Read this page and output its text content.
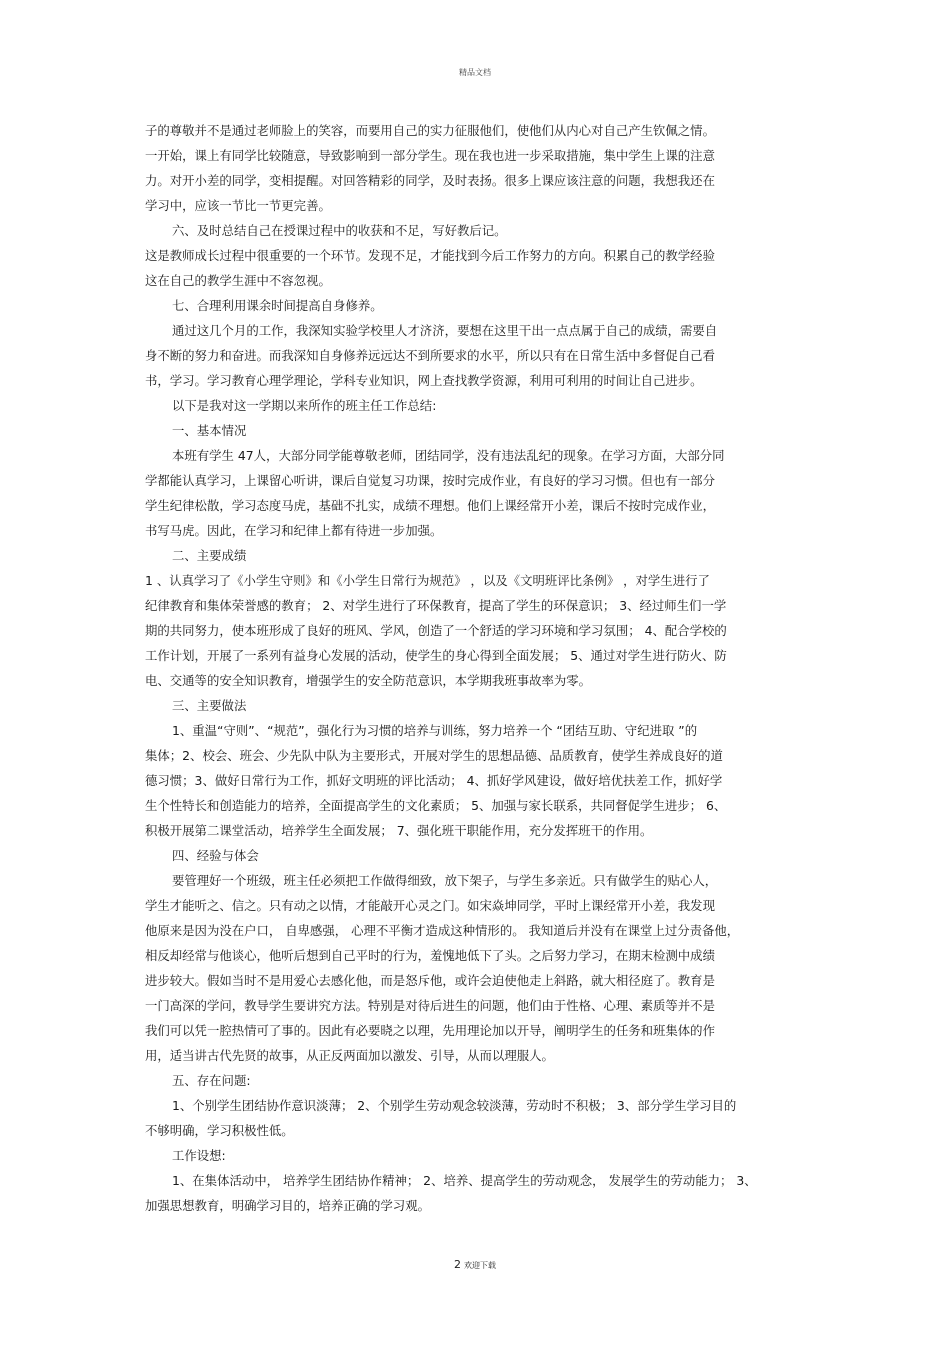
精品文档
子的尊敬并不是通过老师脸上的笑容，而要用自己的实力征服他们，使他们从内心对自己产生钦佩之情。
一开始，课上有同学比较随意，导致影响到一部分学生。现在我也进一步采取措施，集中学生上课的注意
力。对开小差的同学，变相提醒。对回答精彩的同学，及时表扬。很多上课应该注意的问题，我想我还在
学习中，应该一节比一节更完善。
六、及时总结自己在授课过程中的收获和不足，写好教后记。
这是教师成长过程中很重要的一个环节。发现不足，才能找到今后工作努力的方向。积累自己的教学经验
这在自己的教学生涯中不容忽视。
七、合理利用课余时间提高自身修养。
通过这几个月的工作，我深知实验学校里人才济济，要想在这里干出一点点属于自己的成绩，需要自
身不断的努力和奋进。而我深知自身修养远远达不到所要求的水平，所以只有在日常生活中多督促自己看
书，学习。学习教育心理学理论，学科专业知识，网上查找教学资源，利用可利用的时间让自己进步。
以下是我对这一学期以来所作的班主任工作总结:
一、基本情况
本班有学生 47人，大部分同学能尊敬老师，团结同学，没有违法乱纪的现象。在学习方面，大部分同
学都能认真学习，上课留心听讲，课后自觉复习功课，按时完成作业，有良好的学习习惯。但也有一部分
学生纪律松散，学习态度马虎，基础不扎实，成绩不理想。他们上课经常开小差，课后不按时完成作业，
书写马虎。因此，在学习和纪律上都有待进一步加强。
二、主要成绩
1 、认真学习了《小学生守则》和《小学生日常行为规范》 ，以及《文明班评比条例》 ，对学生进行了
纪律教育和集体荣誉感的教育； 2、对学生进行了环保教育，提高了学生的环保意识； 3、经过师生们一学
期的共同努力，使本班形成了良好的班风、学风，创造了一个舒适的学习环境和学习氛围； 4、配合学校的
工作计划，开展了一系列有益身心发展的活动，使学生的身心得到全面发展； 5、通过对学生进行防火、防
电、交通等的安全知识教育，增强学生的安全防范意识，本学期我班事故率为零。
三、主要做法
1、重温“守则”、“规范”，强化行为习惯的培养与训练，努力培养一个 “团结互助、守纪进取 ”的
集体；2、校会、班会、少先队中队为主要形式，开展对学生的思想品德、品质教育，使学生养成良好的道
德习惯；3、做好日常行为工作，抓好文明班的评比活动； 4、抓好学风建设，做好培优扶差工作，抓好学
生个性特长和创造能力的培养，全面提高学生的文化素质； 5、加强与家长联系，共同督促学生进步； 6、
积极开展第二课堂活动，培养学生全面发展； 7、强化班干职能作用，充分发挥班干的作用。
四、经验与体会
要管理好一个班级，班主任必须把工作做得细致，放下架子，与学生多亲近。只有做学生的贴心人，
学生才能听之、信之。只有动之以情，才能敲开心灵之门。如宋焱坤同学，平时上课经常开小差，我发现
他原来是因为没在户口， 自卑感强， 心理不平衡才造成这种情形的。 我知道后并没有在课堂上过分责备他，
相反却经常与他谈心，他听后想到自己平时的行为，羞愧地低下了头。之后努力学习，在期末检测中成绩
进步较大。假如当时不是用爱心去感化他，而是怒斥他，或许会迫使他走上斜路，就大相径庭了。教育是
一门高深的学问，教导学生要讲究方法。特别是对待后进生的问题，他们由于性格、心理、素质等并不是
我们可以凭一腔热情可了事的。因此有必要晓之以理，先用理论加以开导，阐明学生的任务和班集体的作
用，适当讲古代先贤的故事，从正反两面加以激发、引导，从而以理服人。
五、存在问题:
1、个别学生团结协作意识淡薄； 2、个别学生劳动观念较淡薄，劳动时不积极； 3、部分学生学习目的
不够明确，学习积极性低。
工作设想:
1、在集体活动中， 培养学生团结协作精神； 2、培养、提高学生的劳动观念， 发展学生的劳动能力； 3、
加强思想教育，明确学习目的，培养正确的学习观。
2 欢迎下载
